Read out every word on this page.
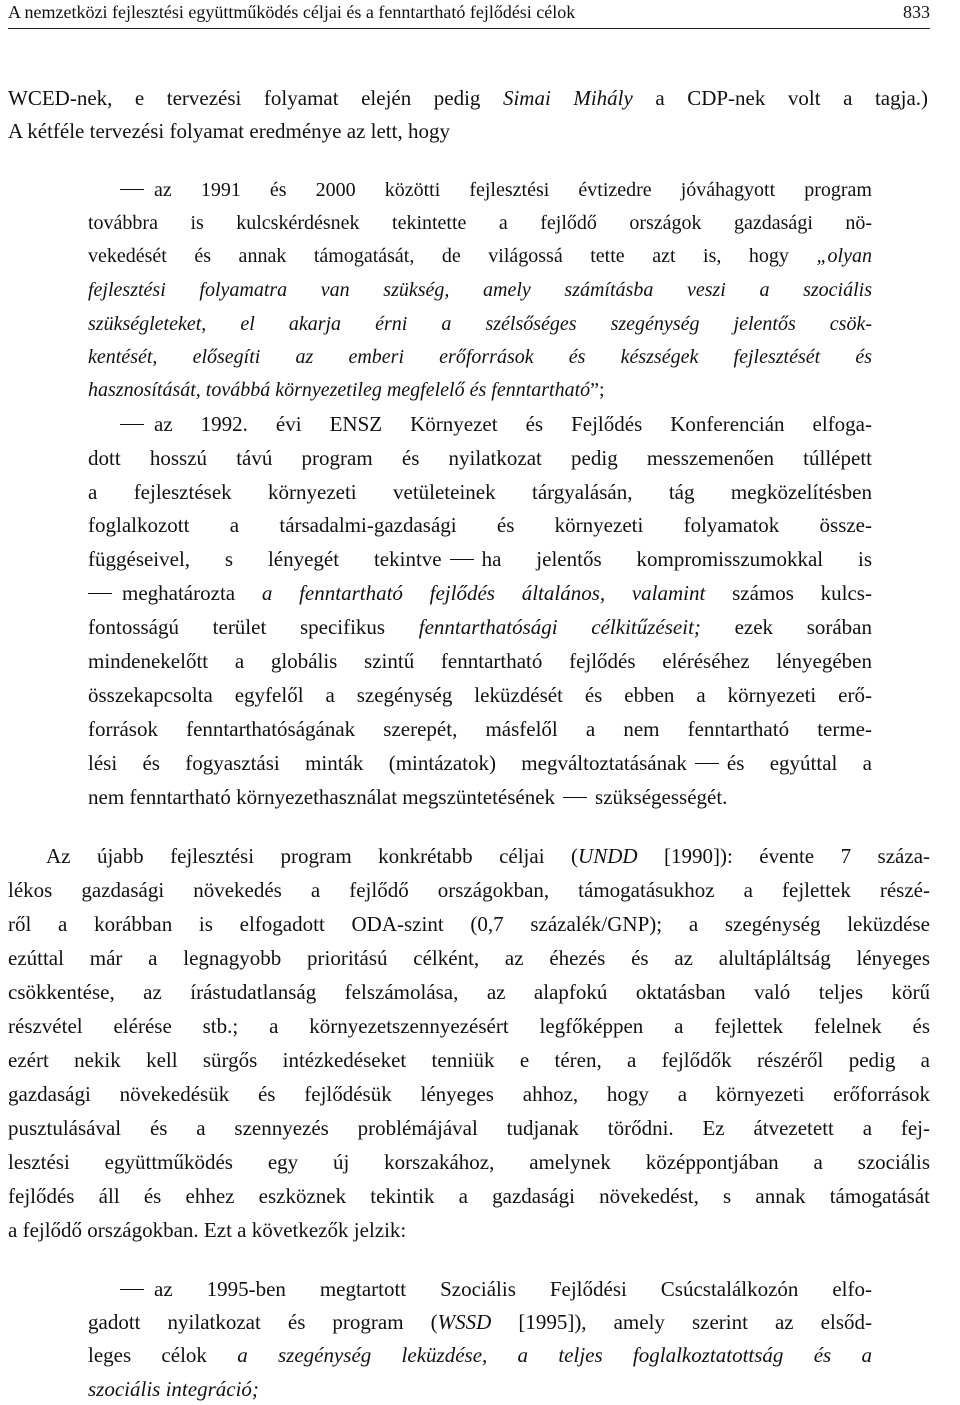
A nemzetközi fejlesztési együttműködés céljai és a fenntartható fejlődési célok	833
WCED-nek, e tervezési folyamat elején pedig Simai Mihály a CDP-nek volt a tagja.)
A kétféle tervezési folyamat eredménye az lett, hogy
az 1991 és 2000 közötti fejlesztési évtizedre jóváhagyott program
továbbra is kulcskérdésnek tekintette a fejlődő országok gazdasági nö-
vekedését és annak támogatását, de világossá tette azt is, hogy „olyan
fejlesztési folyamatra van szükség, amely számításba veszi a szociális
szükségleteket, el akarja érni a szélsőséges szegénység jelentős csök-
kentését, elősegíti az emberi erőforrások és készségek fejlesztését és
hasznosítását, továbbá környezetileg megfelelő és fenntartható”;
az 1992. évi ENSZ Környezet és Fejlődés Konferencián elfoga-
dott hosszú távú program és nyilatkozat pedig messzemenően túllépett
a fejlesztések környezeti vetületeinek tárgyalásán, tág megközelítésben
foglalkozott a társadalmi-gazdasági és környezeti folyamatok össze-
függéseivel, s lényegét tekintve ha jelentős kompromisszumokkal is
meghatározta a fenntartható fejlődés általános, valamint számos kulcs-
fontosságú terület specifikus fenntarthatósági célkitűzéseit; ezek sorában
mindenekelőtt a globális szintű fenntartható fejlődés eléréséhez lényegében
összekapcsolta egyfelől a szegénység leküzdését és ebben a környezeti erő-
források fenntarthatóságának szerepét, másfelől a nem fenntartható terme-
lési és fogyasztási minták (mintázatok) megváltoztatásának és egyúttal a
nem fenntartható környezethasználat megszüntetésének szükségességét.
Az újabb fejlesztési program konkrétabb céljai (UNDD [1990]): évente 7 száza-
lékos gazdasági növekedés a fejlődő országokban, támogatásukhoz a fejlettek részé-
ről a korábban is elfogadott ODA-szint (0,7 százalék/GNP); a szegénység leküzdése
ezúttal már a legnagyobb prioritású célként, az éhezés és az alultápláltság lényeges
csökkentése, az írástudatlanság felszámolása, az alapfokú oktatásban való teljes körű
részvétel elérése stb.; a környezetszennyezésért legfőképpen a fejlettek felelnek és
ezért nekik kell sürgős intézkedéseket tenniük e téren, a fejlődők részéről pedig a
gazdasági növekedésük és fejlődésük lényeges ahhoz, hogy a környezeti erőforrások
pusztulásával és a szennyezés problémájával tudjanak törődni. Ez átvezetett a fej-
lesztési együttműködés egy új korszakához, amelynek középpontjában a szociális
fejlődés áll és ehhez eszköznek tekintik a gazdasági növekedést, s annak támogatását
a fejlődő országokban. Ezt a következők jelzik:
az 1995-ben megtartott Szociális Fejlődési Csúcstalálkozón elfo-
gadott nyilatkozat és program (WSSD [1995]), amely szerint az elsőd-
leges célok a szegénység leküzdése, a teljes foglalkoztatottság és a
szociális integráció;
